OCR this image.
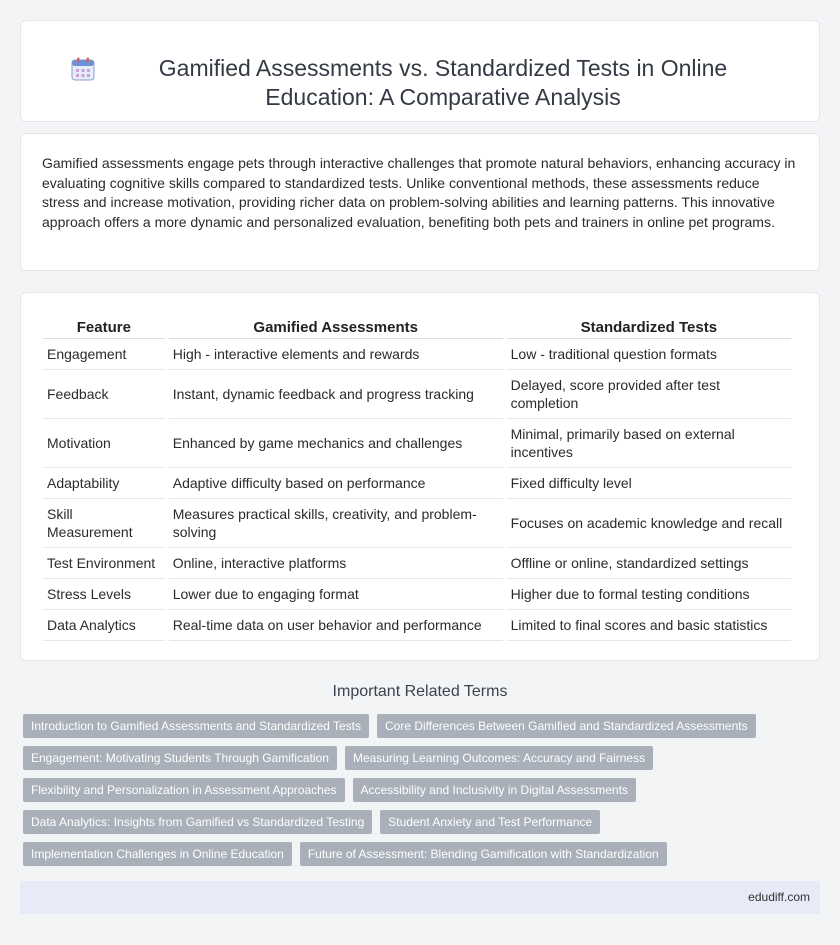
Gamified Assessments vs. Standardized Tests in Online Education: A Comparative Analysis

Gamified assessments engage pets through interactive challenges that promote natural behaviors, enhancing accuracy in evaluating cognitive skills compared to standardized tests. Unlike conventional methods, these assessments reduce stress and increase motivation, providing richer data on problem-solving abilities and learning patterns. This innovative approach offers a more dynamic and personalized evaluation, benefiting both pets and trainers in online pet programs.

Feature	Gamified Assessments	Standardized Tests
Engagement	High - interactive elements and rewards	Low - traditional question formats
Feedback	Instant, dynamic feedback and progress tracking	Delayed, score provided after test completion
Motivation	Enhanced by game mechanics and challenges	Minimal, primarily based on external incentives
Adaptability	Adaptive difficulty based on performance	Fixed difficulty level
Skill Measurement	Measures practical skills, creativity, and problem-solving	Focuses on academic knowledge and recall
Test Environment	Online, interactive platforms	Offline or online, standardized settings
Stress Levels	Lower due to engaging format	Higher due to formal testing conditions
Data Analytics	Real-time data on user behavior and performance	Limited to final scores and basic statistics
Important Related Terms
Introduction to Gamified Assessments and Standardized Tests	Core Differences Between Gamified and Standardized Assessments
Engagement: Motivating Students Through Gamification	Measuring Learning Outcomes: Accuracy and Fairness
Flexibility and Personalization in Assessment Approaches	Accessibility and Inclusivity in Digital Assessments
Data Analytics: Insights from Gamified vs Standardized Testing	Student Anxiety and Test Performance
Implementation Challenges in Online Education	Future of Assessment: Blending Gamification with Standardization
edudiff.com
